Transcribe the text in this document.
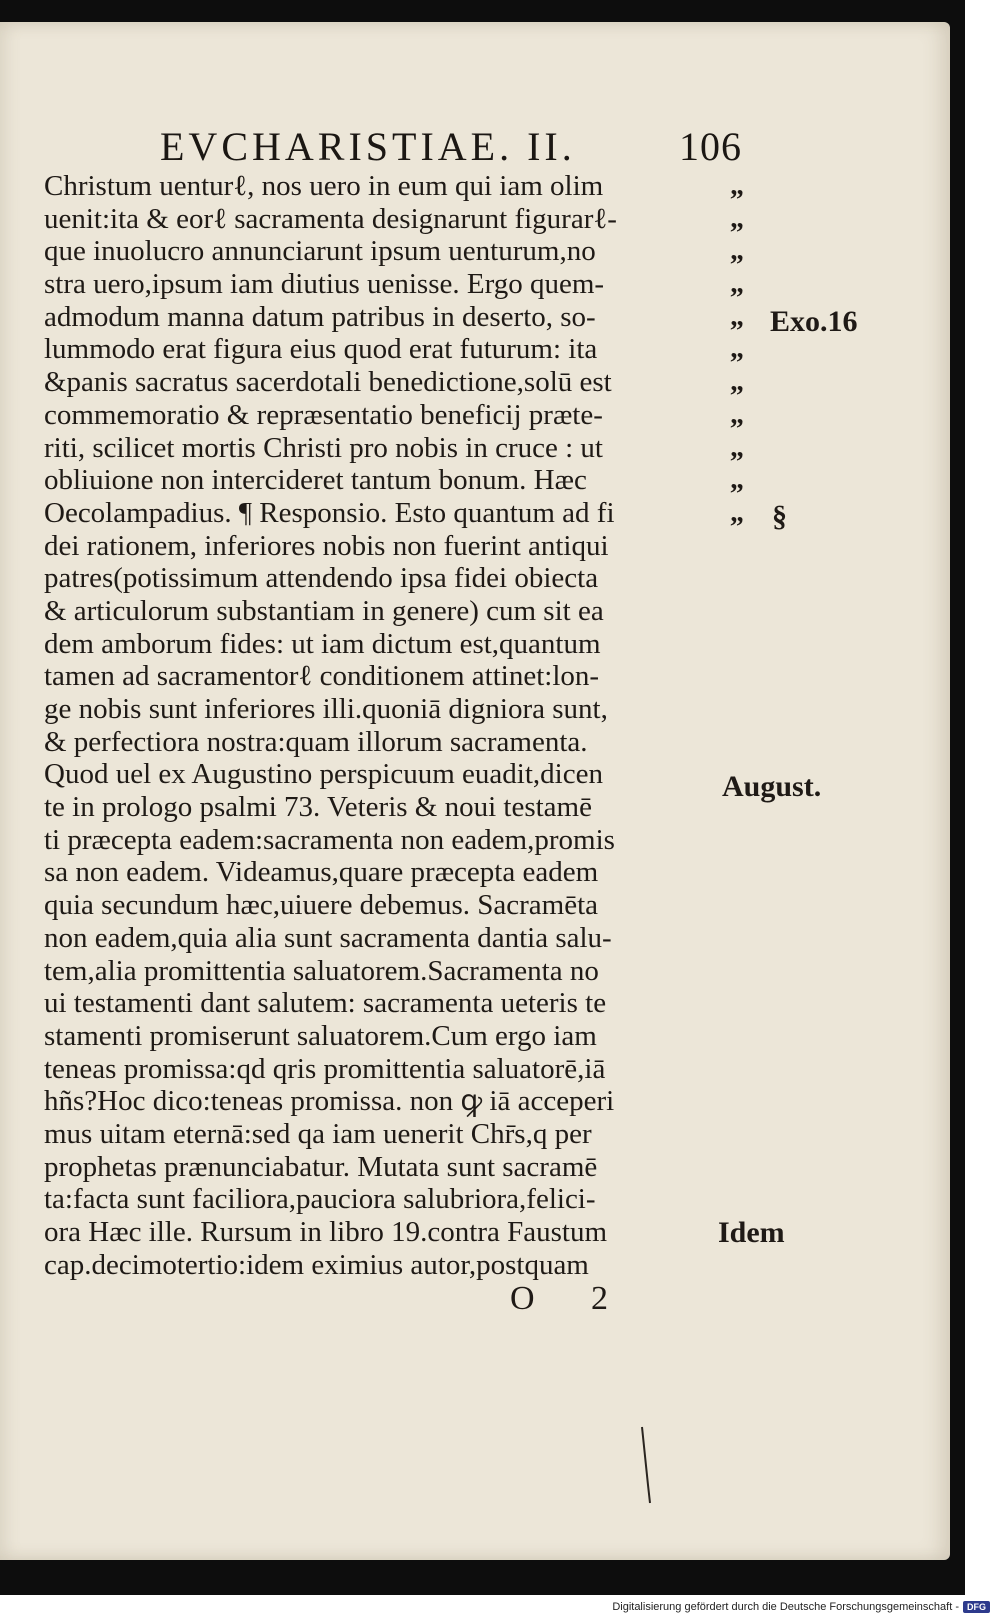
EVCHARISTIAE. II.	106
Christum uenturℓ, nos uero in eum qui iam olim
uenit:ita & eorℓ sacramenta designarunt figurarℓ-
que inuolucro annunciarunt ipsum uenturum,no
stra uero,ipsum iam diutius uenisse. Ergo quem-
admodum manna datum patribus in deserto, so-
lummodo erat figura eius quod erat futurum: ita
&panis sacratus sacerdotali benedictione,solū est
commemoratio & repræsentatio beneficij præte-
riti, scilicet mortis Christi pro nobis in cruce : ut
obliuione non intercideret tantum bonum. Hæc
Oecolampadius. ¶ Responsio. Esto quantum ad fi
dei rationem, inferiores nobis non fuerint antiqui
patres(potissimum attendendo ipsa fidei obiecta
& articulorum substantiam in genere) cum sit ea
dem amborum fides: ut iam dictum est,quantum
tamen ad sacramentorℓ conditionem attinet:lon-
ge nobis sunt inferiores illi.quoniā digniora sunt,
& perfectiora nostra:quam illorum sacramenta.
Quod uel ex Augustino perspicuum euadit,dicen
te in prologo psalmi 73. Veteris & noui testamē
ti præcepta eadem:sacramenta non eadem,promis
sa non eadem. Videamus,quare præcepta eadem
quia secundum hæc,uiuere debemus. Sacramēta
non eadem,quia alia sunt sacramenta dantia salu-
tem,alia promittentia saluatorem.Sacramenta no
ui testamenti dant salutem: sacramenta ueteris te
stamenti promiserunt saluatorem.Cum ergo iam
teneas promissa:qd qris promittentia saluatorē,iā
hñs?Hoc dico:teneas promissa. non ꝙ iā acceperi
mus uitam eternā:sed qa iam uenerit Chr̄s,q per
prophetas prænunciabatur. Mutata sunt sacramē
ta:facta sunt faciliora,pauciora salubriora,felici-
ora Hæc ille. Rursum in libro 19.contra Faustum
cap.decimotertio:idem eximius autor,postquam
„
„
„
„
„
„
„
„
„
„
„
Exo.16
§
August.
Idem
O 2
Digitalisierung gefördert durch die Deutsche Forschungsgemeinschaft - DFG
